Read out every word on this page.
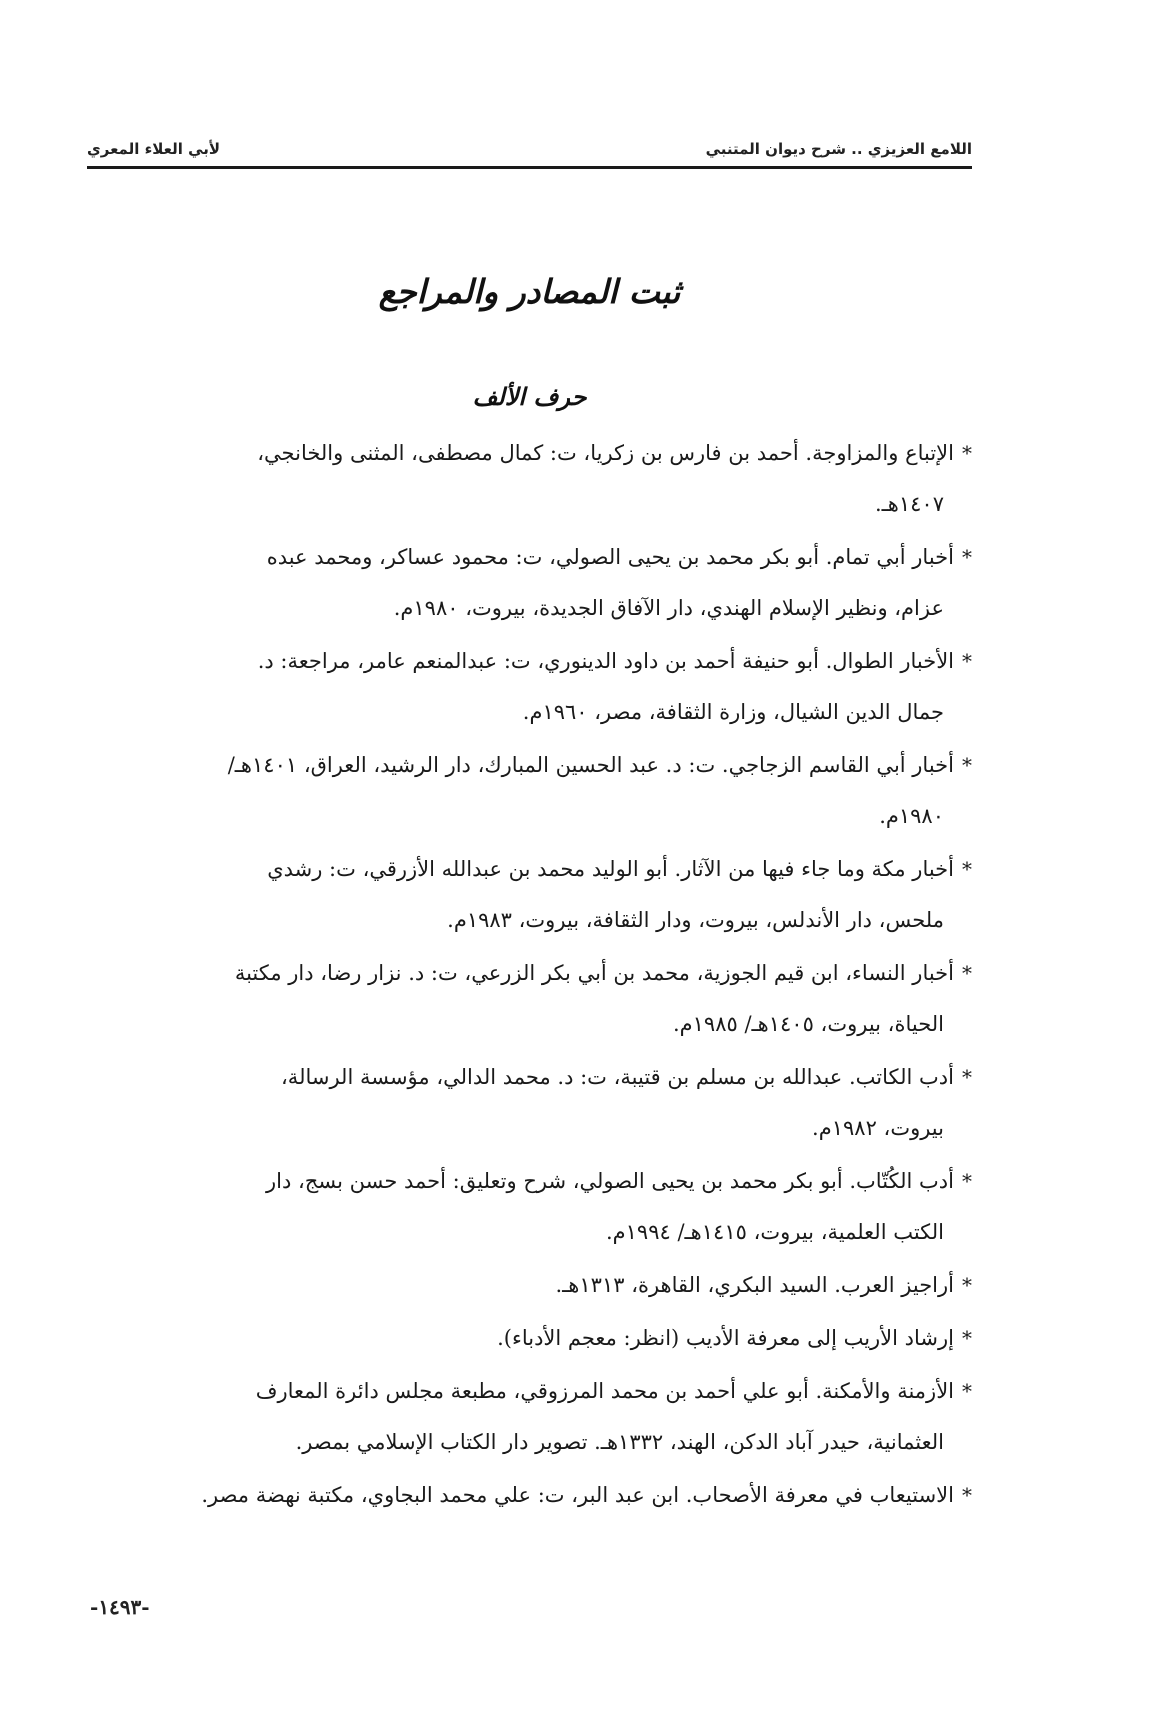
اللامع العزيزي .. شرح ديوان المتنبي
لأبي العلاء المعري
ثبت المصادر والمراجع
حرف الألف
*الإتباع والمزاوجة. أحمد بن فارس بن زكريا، ت: كمال مصطفى، المثنى والخانجي،
١٤٠٧هـ.
*أخبار أبي تمام. أبو بكر محمد بن يحيى الصولي، ت: محمود عساكر، ومحمد عبده
عزام، ونظير الإسلام الهندي، دار الآفاق الجديدة، بيروت، ١٩٨٠م.
*الأخبار الطوال. أبو حنيفة أحمد بن داود الدينوري، ت: عبدالمنعم عامر، مراجعة: د.
جمال الدين الشيال، وزارة الثقافة، مصر، ١٩٦٠م.
*أخبار أبي القاسم الزجاجي. ت: د. عبد الحسين المبارك، دار الرشيد، العراق، ١٤٠١هـ/
١٩٨٠م.
*أخبار مكة وما جاء فيها من الآثار. أبو الوليد محمد بن عبدالله الأزرقي، ت: رشدي
ملحس، دار الأندلس، بيروت، ودار الثقافة، بيروت، ١٩٨٣م.
*أخبار النساء، ابن قيم الجوزية، محمد بن أبي بكر الزرعي، ت: د. نزار رضا، دار مكتبة
الحياة، بيروت، ١٤٠٥هـ/ ١٩٨٥م.
*أدب الكاتب. عبدالله بن مسلم بن قتيبة، ت: د. محمد الدالي، مؤسسة الرسالة،
بيروت، ١٩٨٢م.
*أدب الكُتّاب. أبو بكر محمد بن يحيى الصولي، شرح وتعليق: أحمد حسن بسج، دار
الكتب العلمية، بيروت، ١٤١٥هـ/ ١٩٩٤م.
*أراجيز العرب. السيد البكري، القاهرة، ١٣١٣هـ.
*إرشاد الأريب إلى معرفة الأديب (انظر: معجم الأدباء).
*الأزمنة والأمكنة. أبو علي أحمد بن محمد المرزوقي، مطبعة مجلس دائرة المعارف
العثمانية، حيدر آباد الدكن، الهند، ١٣٣٢هـ. تصوير دار الكتاب الإسلامي بمصر.
*الاستيعاب في معرفة الأصحاب. ابن عبد البر، ت: علي محمد البجاوي، مكتبة نهضة مصر.
-١٤٩٣-
